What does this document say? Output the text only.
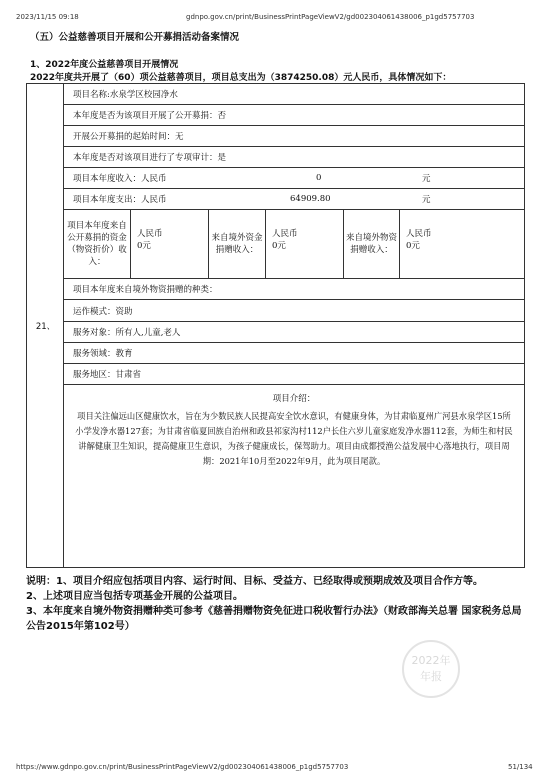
2023/11/15 09:18	gdnpo.gov.cn/print/BusinessPrintPageViewV2/gd002304061438006_p1gd5757703
（五）公益慈善项目开展和公开募捐活动备案情况
1、2022年度公益慈善项目开展情况
2022年度共开展了（60）项公益慈善项目，项目总支出为（3874250.08）元人民币，具体情况如下：
21、
项目名称:水泉学区校园净水
本年度是否为该项目开展了公开募捐：否
开展公开募捐的起始时间：无
本年度是否对该项目进行了专项审计：是
项目本年度收入：人民币	0	元
项目本年度支出：人民币	64909.80	元
项目本年度来自公开募捐的资金（物资折价）收入：
人民币
0元
来自境外资金捐赠收入：
人民币
0元
来自境外物资捐赠收入：
人民币
0元
项目本年度来自境外物资捐赠的种类：
运作模式：资助
服务对象：所有人,儿童,老人
服务领域：教育
服务地区：甘肃省
项目介绍：
项目关注偏远山区健康饮水，旨在为少数民族人民提高安全饮水意识，有健康身体，为甘肃临夏州广河县水泉学区15所小学发净水器127套；为甘肃省临夏回族自治州和政县祁家沟村112户长住六岁儿童家庭发净水器112套，为师生和村民讲解健康卫生知识，提高健康卫生意识，为孩子健康成长，保驾助力。项目由成都授渔公益发展中心落地执行，项目周期：2021年10月至2022年9月，此为项目尾款。

说明：1、项目介绍应包括项目内容、运行时间、目标、受益方、已经取得或预期成效及项目合作方等。

2、上述项目应当包括专项基金开展的公益项目。

3、本年度来自境外物资捐赠种类可参考《慈善捐赠物资免征进口税收暂行办法》（财政部海关总署 国家税务总局公告2015年第102号）

2022年
年报
https://www.gdnpo.gov.cn/print/BusinessPrintPageViewV2/gd002304061438006_p1gd5757703	51/134
